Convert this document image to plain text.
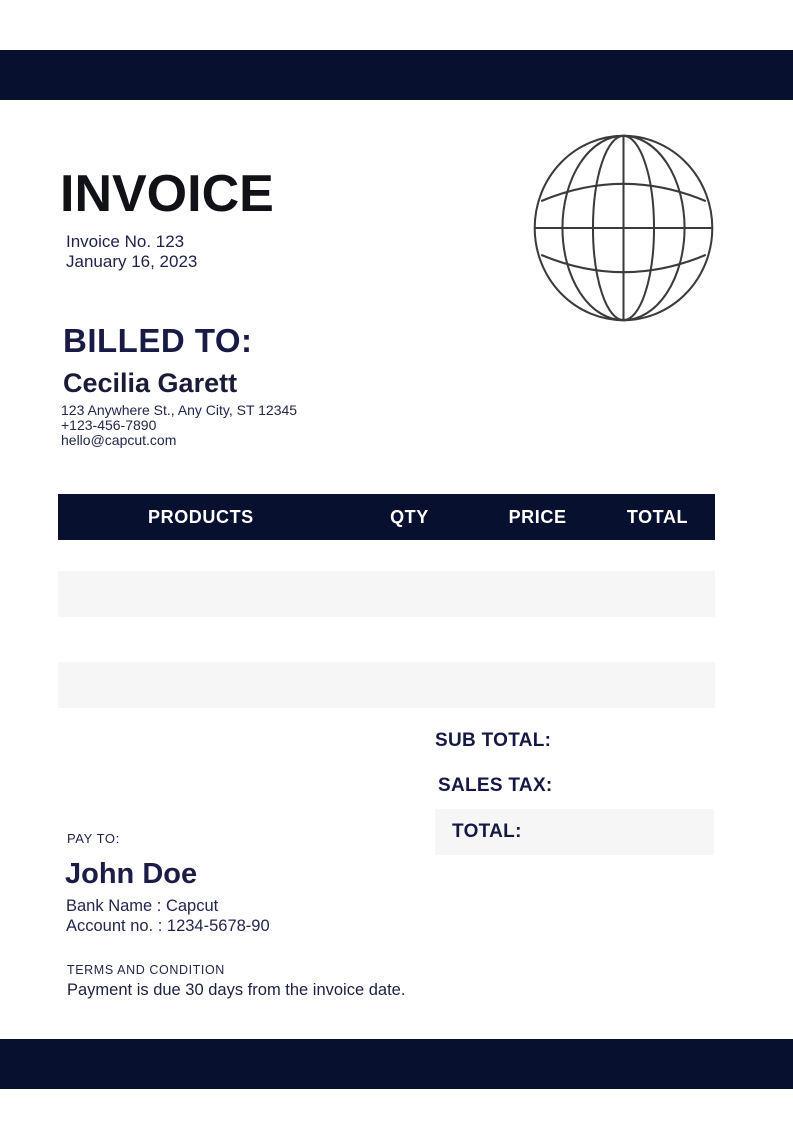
INVOICE
Invoice No. 123
January 16, 2023
BILLED TO:
Cecilia Garett
123 Anywhere St., Any City, ST 12345
+123-456-7890
hello@capcut.com
PRODUCTS	QTY	PRICE	TOTAL
SUB TOTAL:
SALES TAX:
TOTAL:
PAY TO:
John Doe
Bank Name : Capcut
Account no. : 1234-5678-90
TERMS AND CONDITION
Payment is due 30 days from the invoice date.
